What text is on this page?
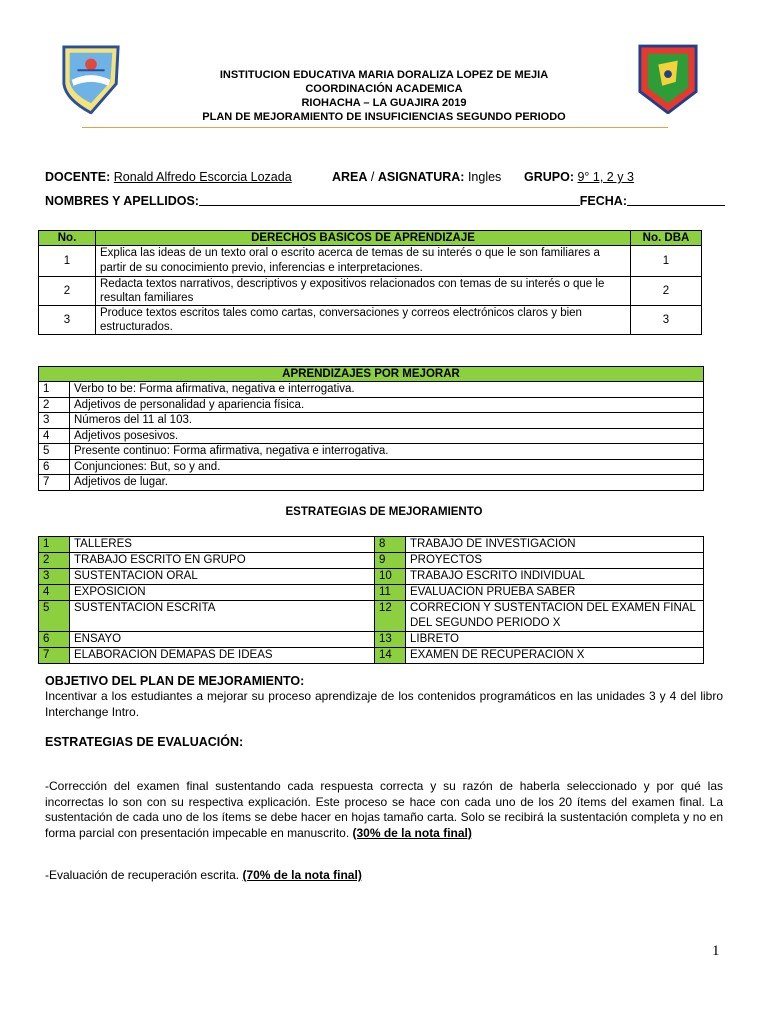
INSTITUCION EDUCATIVA MARIA DORALIZA LOPEZ DE MEJIA
COORDINACIÓN ACADEMICA
RIOHACHA – LA GUAJIRA 2019
PLAN DE MEJORAMIENTO DE INSUFICIENCIAS SEGUNDO PERIODO
DOCENTE: Ronald Alfredo Escorcia Lozada	AREA / ASIGNATURA: Ingles GRUPO: 9° 1, 2 y 3
NOMBRES Y APELLIDOS:	FECHA:
No.	DERECHOS BASICOS DE APRENDIZAJE	No. DBA
1	Explica las ideas de un texto oral o escrito acerca de temas de su interés o que le son familiares a partir de su conocimiento previo, inferencias e interpretaciones.	1
2	Redacta textos narrativos, descriptivos y expositivos relacionados con temas de su interés o que le resultan familiares	2
3	Produce textos escritos tales como cartas, conversaciones y correos electrónicos claros y bien estructurados.	3
APRENDIZAJES POR MEJORAR	
1	Verbo to be: Forma afirmativa, negativa e interrogativa.
2	Adjetivos de personalidad y apariencia física.
3	Números del 11 al 103.
4	Adjetivos posesivos.
5	Presente continuo: Forma afirmativa, negativa e interrogativa.
6	Conjunciones: But, so y and.
7	Adjetivos de lugar.
ESTRATEGIAS DE MEJORAMIENTO
1	TALLERES	8	TRABAJO DE INVESTIGACION
2	TRABAJO ESCRITO EN GRUPO	9	PROYECTOS
3	SUSTENTACION ORAL	10	TRABAJO ESCRITO INDIVIDUAL
4	EXPOSICION	11	EVALUACION PRUEBA SABER
5	SUSTENTACION ESCRITA	12	CORRECION Y SUSTENTACION DEL EXAMEN FINAL DEL SEGUNDO PERIODO X
6	ENSAYO	13	LIBRETO
7	ELABORACION DEMAPAS DE IDEAS	14	EXAMEN DE RECUPERACION X
OBJETIVO DEL PLAN DE MEJORAMIENTO:

Incentivar a los estudiantes a mejorar su proceso aprendizaje de los contenidos programáticos en las unidades 3 y 4 del libro Interchange Intro.

ESTRATEGIAS DE EVALUACIÓN:

-Corrección del examen final sustentando cada respuesta correcta y su razón de haberla seleccionado y por qué las incorrectas lo son con su respectiva explicación. Este proceso se hace con cada uno de los 20 ítems del examen final. La sustentación de cada uno de los ítems se debe hacer en hojas tamaño carta. Solo se recibirá la sustentación completa y no en forma parcial con presentación impecable en manuscrito. (30% de la nota final)

-Evaluación de recuperación escrita. (70% de la nota final)

1
